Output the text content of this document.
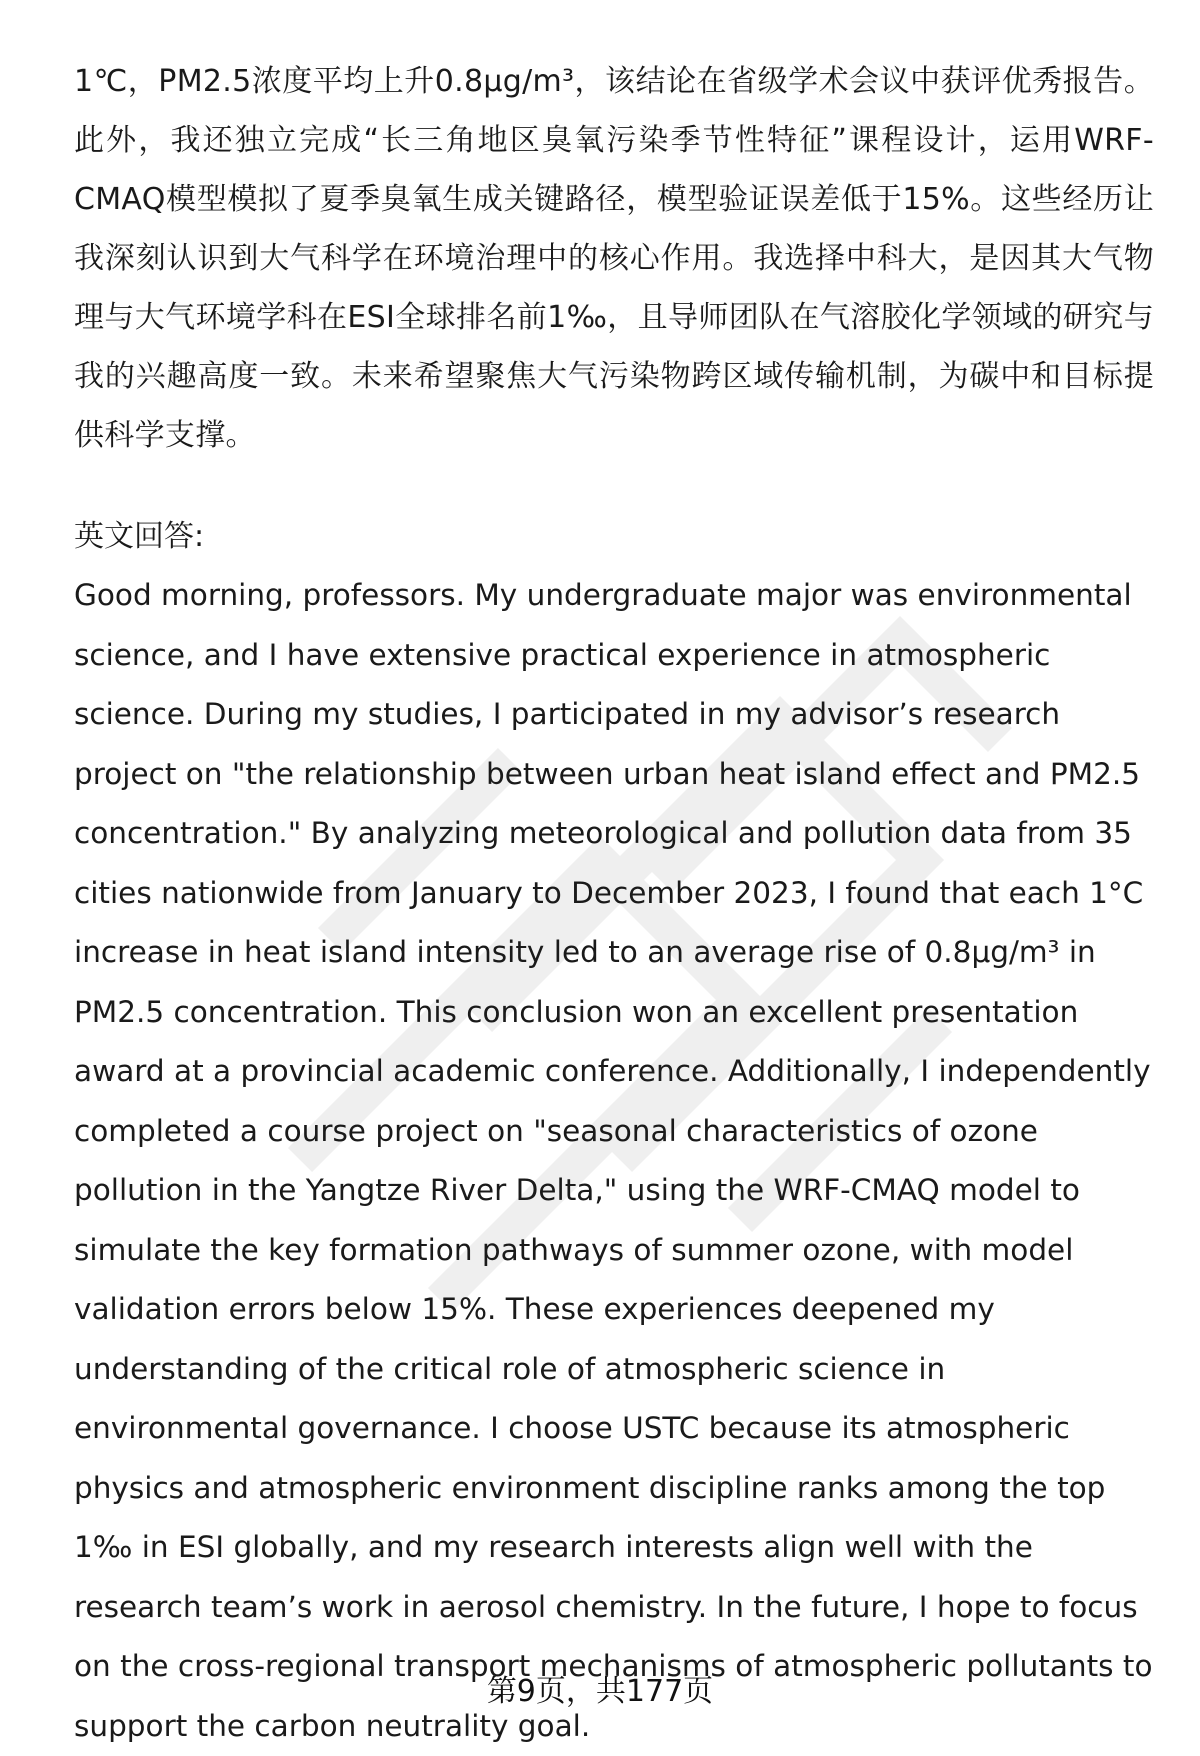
1℃，PM2.5浓度平均上升0.8μg/m³，该结论在省级学术会议中获评优秀报告。此外，我还独立完成“长三角地区臭氧污染季节性特征”课程设计，运用WRF-CMAQ模型模拟了夏季臭氧生成关键路径，模型验证误差低于15%。这些经历让我深刻认识到大气科学在环境治理中的核心作用。我选择中科大，是因其大气物理与大气环境学科在ESI全球排名前1‰，且导师团队在气溶胶化学领域的研究与我的兴趣高度一致。未来希望聚焦大气污染物跨区域传输机制，为碳中和目标提供科学支撑。

英文回答:

Good morning, professors. My undergraduate major was environmental science, and I have extensive practical experience in atmospheric science. During my studies, I participated in my advisor’s research project on "the relationship between urban heat island effect and PM2.5 concentration." By analyzing meteorological and pollution data from 35 cities nationwide from January to December 2023, I found that each 1°C increase in heat island intensity led to an average rise of 0.8μg/m³ in PM2.5 concentration. This conclusion won an excellent presentation award at a provincial academic conference. Additionally, I independently completed a course project on "seasonal characteristics of ozone pollution in the Yangtze River Delta," using the WRF-CMAQ model to simulate the key formation pathways of summer ozone, with model validation errors below 15%. These experiences deepened my understanding of the critical role of atmospheric science in environmental governance. I choose USTC because its atmospheric physics and atmospheric environment discipline ranks among the top 1‰ in ESI globally, and my research interests align well with the research team’s work in aerosol chemistry. In the future, I hope to focus on the cross-regional transport mechanisms of atmospheric pollutants to support the carbon neutrality goal.

第9页，共177页
